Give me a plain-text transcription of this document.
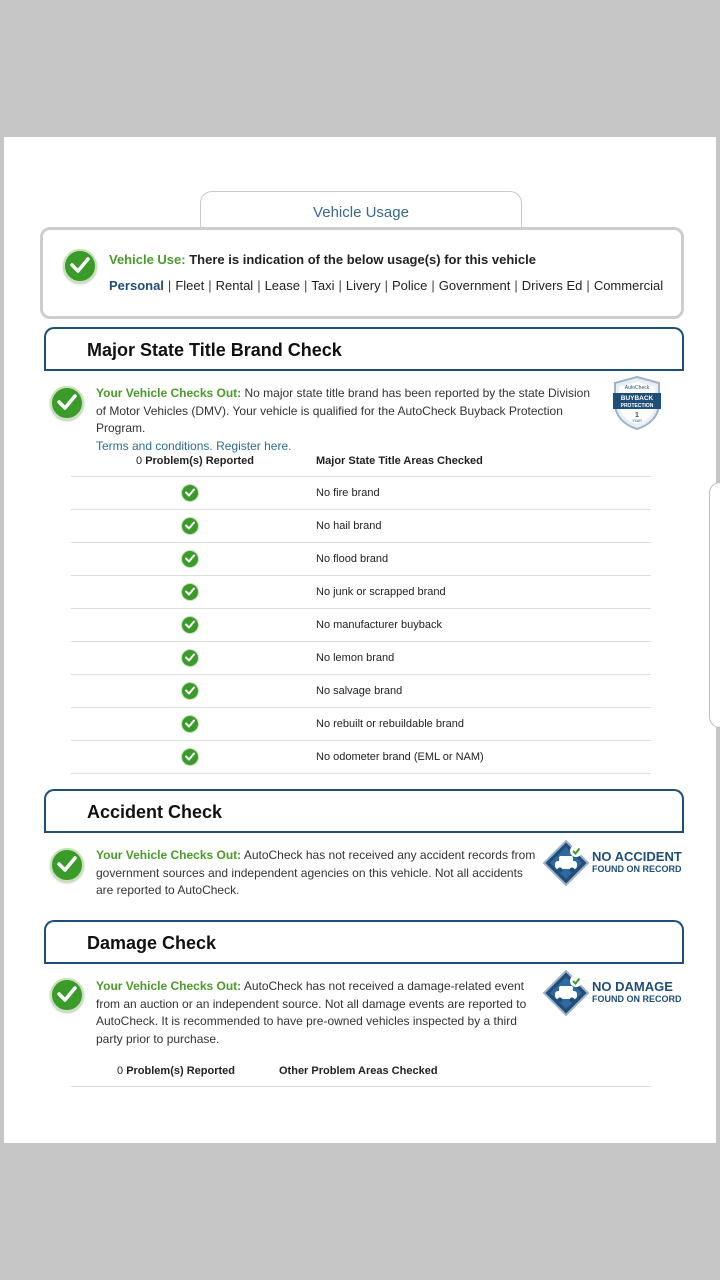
Vehicle Usage
Vehicle Use: There is indication of the below usage(s) for this vehicle
Personal | Fleet | Rental | Lease | Taxi | Livery | Police | Government | Drivers Ed | Commercial
Major State Title Brand Check
Your Vehicle Checks Out: No major state title brand has been reported by the state Division of Motor Vehicles (DMV). Your vehicle is qualified for the AutoCheck Buyback Protection Program.
Terms and conditions. Register here.
AutoCheck
BUYBACK
PROTECTION
1
YEAR
0 Problem(s) Reported	Major State Title Areas Checked
No fire brand
No hail brand
No flood brand
No junk or scrapped brand
No manufacturer buyback
No lemon brand
No salvage brand
No rebuilt or rebuildable brand
No odometer brand (EML or NAM)
Accident Check
Your Vehicle Checks Out: AutoCheck has not received any accident records from government sources and independent agencies on this vehicle. Not all accidents are reported to AutoCheck.
NO ACCIDENT
FOUND ON RECORD
Damage Check
Your Vehicle Checks Out: AutoCheck has not received a damage-related event from an auction or an independent source. Not all damage events are reported to AutoCheck. It is recommended to have pre-owned vehicles inspected by a third party prior to purchase.
NO DAMAGE
FOUND ON RECORD
0 Problem(s) Reported	Other Problem Areas Checked
